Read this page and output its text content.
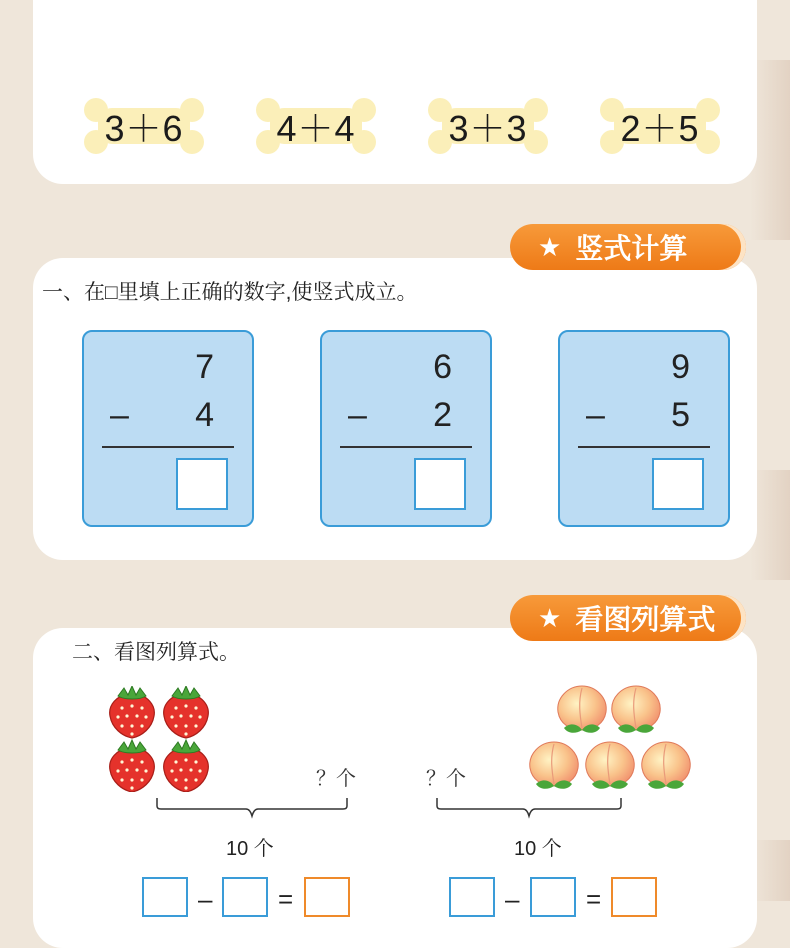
3＋6	4＋4	3＋3	2＋5
★ 竖式计算
一、在□里填上正确的数字,使竖式成立。
7
– 4
6
– 2
9
– 5
★ 看图列算式
二、看图列算式。
？个	？个
10 个	10 个
–	=	–	=
